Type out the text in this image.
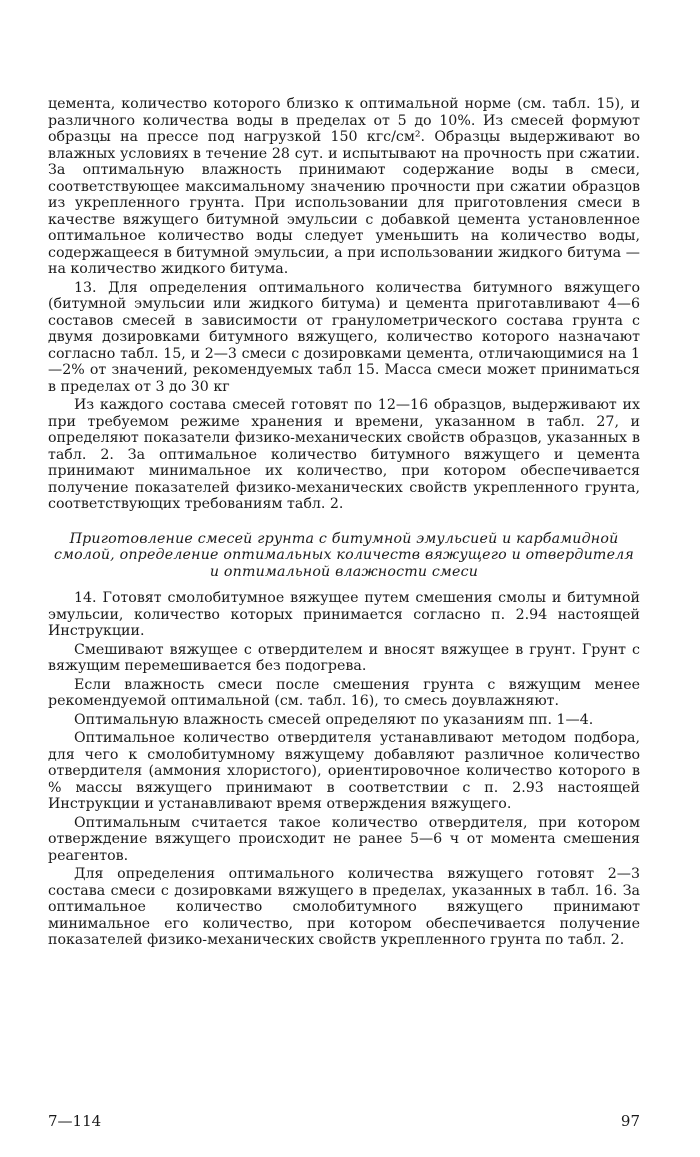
цемента, количество которого близко к оптимальной норме (см. табл. 15), и различного количества воды в пределах от 5 до 10%. Из смесей формуют образцы на прессе под нагрузкой 150 кгс/см². Образцы выдерживают во влажных условиях в течение 28 сут. и испытывают на прочность при сжатии. За оптимальную влажность принимают содержание воды в смеси, соответствующее максимальному значению прочности при сжатии образцов из укрепленного грунта. При использовании для приготовления смеси в качестве вяжущего битумной эмульсии с добавкой цемента установленное оптимальное количество воды следует уменьшить на количество воды, содержащееся в битумной эмульсии, а при использовании жидкого битума — на количество жидкого битума.

13. Для определения оптимального количества битумного вяжущего (битумной эмульсии или жидкого битума) и цемента приготавливают 4—6 составов смесей в зависимости от гранулометрического состава грунта с двумя дозировками битумного вяжущего, количество которого назначают согласно табл. 15, и 2—3 смеси с дозировками цемента, отличающимися на 1—2% от значений, рекомендуемых табл 15. Масса смеси может приниматься в пределах от 3 до 30 кг

Из каждого состава смесей готовят по 12—16 образцов, выдерживают их при требуемом режиме хранения и времени, указанном в табл. 27, и определяют показатели физико-механических свойств образцов, указанных в табл. 2. За оптимальное количество битумного вяжущего и цемента принимают минимальное их количество, при котором обеспечивается получение показателей физико-механических свойств укрепленного грунта, соответствующих требованиям табл. 2.

Приготовление смесей грунта с битумной эмульсией и карбамидной смолой, определение оптимальных количеств вяжущего и отвердителя и оптимальной влажности смеси

14. Готовят смолобитумное вяжущее путем смешения смолы и битумной эмульсии, количество которых принимается согласно п. 2.94 настоящей Инструкции.

Смешивают вяжущее с отвердителем и вносят вяжущее в грунт. Грунт с вяжущим перемешивается без подогрева.

Если влажность смеси после смешения грунта с вяжущим менее рекомендуемой оптимальной (см. табл. 16), то смесь доувлажняют.

Оптимальную влажность смесей определяют по указаниям пп. 1—4.

Оптимальное количество отвердителя устанавливают методом подбора, для чего к смолобитумному вяжущему добавляют различное количество отвердителя (аммония хлористого), ориентировочное количество которого в % массы вяжущего принимают в соответствии с п. 2.93 настоящей Инструкции и устанавливают время отверждения вяжущего.

Оптимальным считается такое количество отвердителя, при котором отверждение вяжущего происходит не ранее 5—6 ч от момента смешения реагентов.

Для определения оптимального количества вяжущего готовят 2—3 состава смеси с дозировками вяжущего в пределах, указанных в табл. 16. За оптимальное количество смолобитумного вяжущего принимают минимальное его количество, при котором обеспечивается получение показателей физико-механических свойств укрепленного грунта по табл. 2.

7—114	97
